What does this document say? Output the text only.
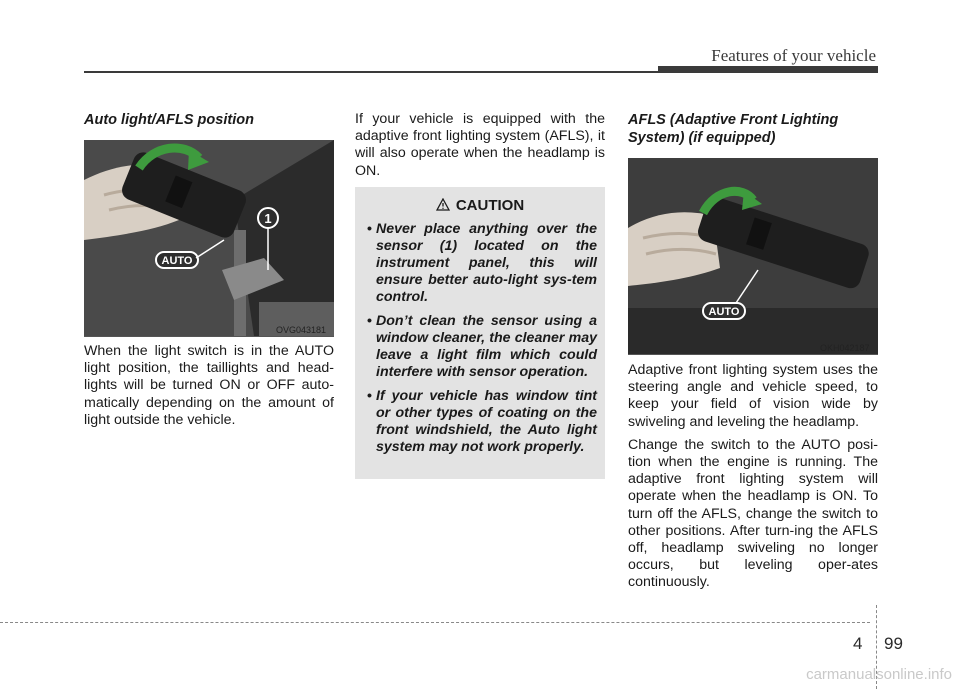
Features of your vehicle
Auto light/AFLS position
AUTO
1
OVG043181

When the light switch is in the AUTO light position, the taillights and head-lights will be turned ON or OFF auto-matically depending on the amount of light outside the vehicle.

If your vehicle is equipped with the adaptive front lighting system (AFLS), it will also operate when the headlamp is ON.

CAUTION
• Never place anything over the sensor (1) located on the instrument panel, this will ensure better auto-light sys-tem control.
• Don’t clean the sensor using a window cleaner, the cleaner may leave a light film which could interfere with sensor operation.
• If your vehicle has window tint or other types of coating on the front windshield, the Auto light system may not work properly.
AFLS (Adaptive Front Lighting System) (if equipped)
AUTO
OKH042187

Adaptive front lighting system uses the steering angle and vehicle speed, to keep your field of vision wide by swiveling and leveling the headlamp.

Change the switch to the AUTO posi-tion when the engine is running. The adaptive front lighting system will operate when the headlamp is ON. To turn off the AFLS, change the switch to other positions. After turn-ing the AFLS off, headlamp swiveling no longer occurs, but leveling oper-ates continuously.

4 99
carmanualsonline.info
